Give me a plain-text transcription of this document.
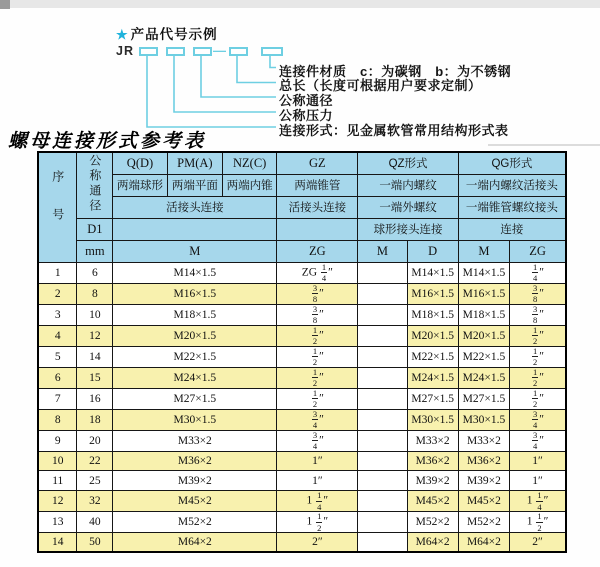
★ 产品代号示例
JR	—
连接件材质　c：为碳钢　b：为不锈钢
总长（长度可根据用户要求定制）
公称通径
公称压力
连接形式：见金属软管常用结构形式表
螺母连接形式参考表
序号	公称通径	Q(D)	PM(A)	NZ(C)	GZ	QZ形式		QG形式	
		两端球形	两端平面	两端内锥	两端锥管	一端内螺纹		一端内螺纹活接头	
		活接头连接			活接头连接	一端外螺纹		一端锥管螺纹接头	
	D1					球形接头连接		连接	
	mm	M			ZG	M	D	M	ZG
1	6	M14×1.5			ZG $\frac{1}{4}$ ″		M14×1.5	M14×1.5	$\frac{1}{4}$ ″
2	8	M16×1.5			$\frac{3}{8}$ ″		M16×1.5	M16×1.5	$\frac{3}{8}$ ″
3	10	M18×1.5			$\frac{3}{8}$ ″		M18×1.5	M18×1.5	$\frac{3}{8}$ ″
4	12	M20×1.5			$\frac{1}{2}$ ″		M20×1.5	M20×1.5	$\frac{1}{2}$ ″
5	14	M22×1.5			$\frac{1}{2}$ ″		M22×1.5	M22×1.5	$\frac{1}{2}$ ″
6	15	M24×1.5			$\frac{1}{2}$ ″		M24×1.5	M24×1.5	$\frac{1}{2}$ ″
7	16	M27×1.5			$\frac{1}{2}$ ″		M27×1.5	M27×1.5	$\frac{1}{2}$ ″
8	18	M30×1.5			$\frac{3}{4}$ ″		M30×1.5	M30×1.5	$\frac{3}{4}$ ″
9	20	M33×2			$\frac{3}{4}$ ″		M33×2	M33×2	$\frac{3}{4}$ ″
10	22	M36×2			1″		M36×2	M36×2	1″
11	25	M39×2			1″		M39×2	M39×2	1″
12	32	M45×2			$1 \frac{1}{4}$ ″		M45×2	M45×2	$1 \frac{1}{4}$ ″
13	40	M52×2			$1 \frac{1}{2}$ ″		M52×2	M52×2	$1 \frac{1}{2}$ ″
14	50	M64×2			2″		M64×2	M64×2	2″
